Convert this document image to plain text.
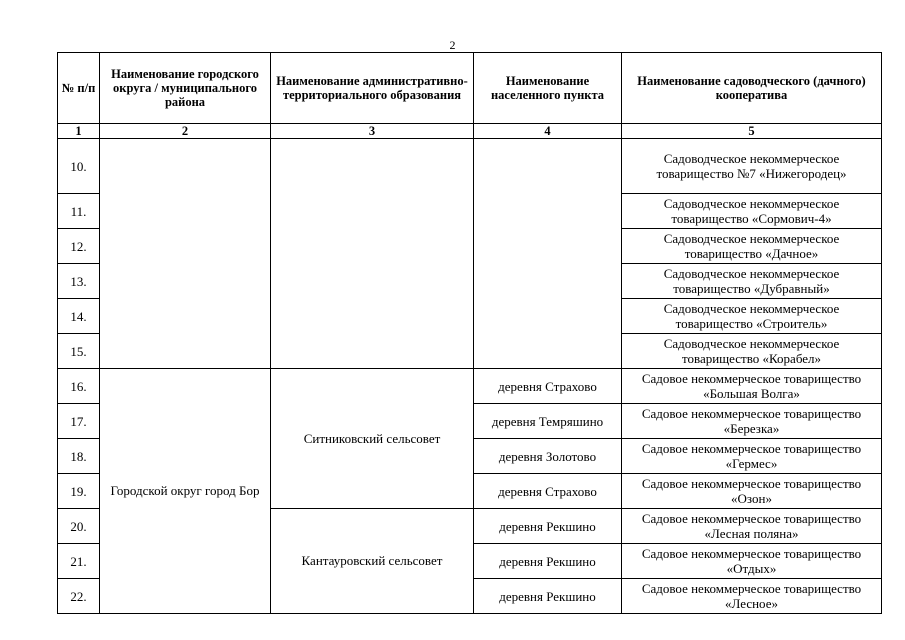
2
№ п/п	Наименование городского округа / муниципального района	Наименование административно-территориального образования	Наименование населенного пункта	Наименование садоводческого (дачного) кооператива
1	2	3	4	5
10.				Садоводческое некоммерческое товарищество №7 «Нижегородец»
11.				Садоводческое некоммерческое товарищество «Сормович-4»
12.				Садоводческое некоммерческое товарищество «Дачное»
13.				Садоводческое некоммерческое товарищество «Дубравный»
14.				Садоводческое некоммерческое товарищество «Строитель»
15.				Садоводческое некоммерческое товарищество «Корабел»
16.	Городской округ город Бор	Ситниковский сельсовет	деревня Страхово	Садовое некоммерческое товарищество «Большая Волга»
17.			деревня Темряшино	Садовое некоммерческое товарищество «Березка»
18.			деревня Золотово	Садовое некоммерческое товарищество «Гермес»
19.			деревня Страхово	Садовое некоммерческое товарищество «Озон»
20.		Кантауровский сельсовет	деревня Рекшино	Садовое некоммерческое товарищество «Лесная поляна»
21.			деревня Рекшино	Садовое некоммерческое товарищество «Отдых»
22.			деревня Рекшино	Садовое некоммерческое товарищество «Лесное»
